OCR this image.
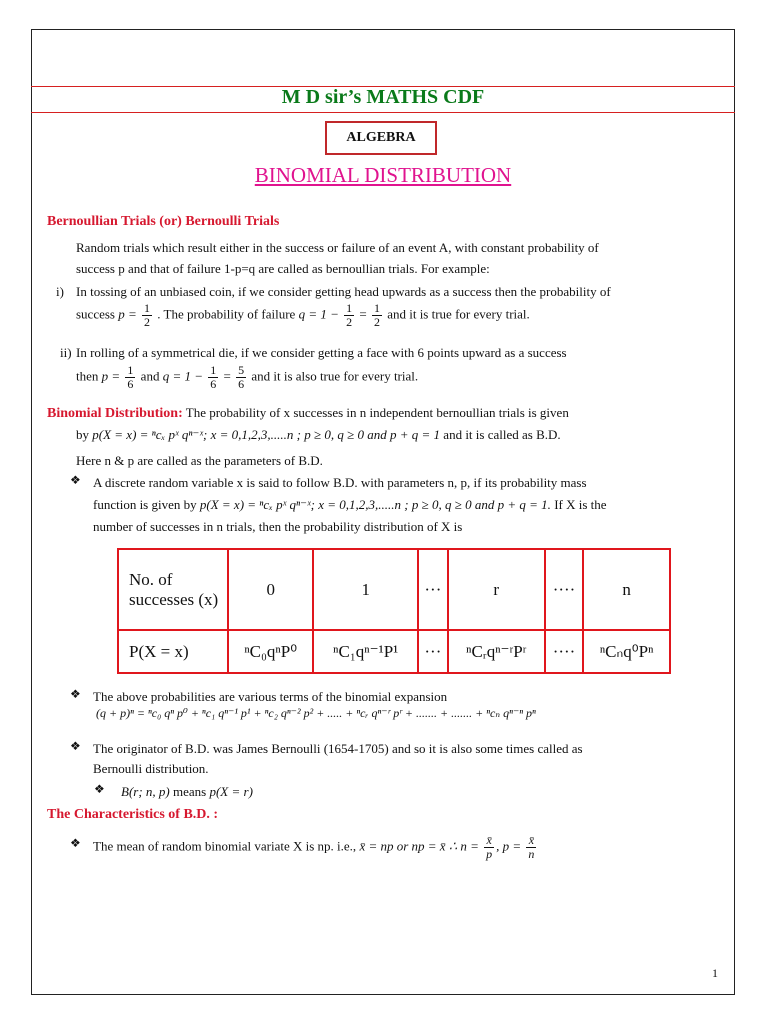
M D sir’s MATHS CDF
ALGEBRA
BINOMIAL DISTRIBUTION
Bernoullian Trials (or) Bernoulli Trials
Random trials which result either in the success or failure of an event A, with constant probability of
success p and that of failure 1-p=q are called as bernoullian trials. For example:
i) In tossing of an unbiased coin, if we consider getting head upwards as a success then the probability of
success $p = \frac{1}{2}$ . The probability of failure $q = 1 - \frac{1}{2} = \frac{1}{2}$ and it is true for every trial.
ii) In rolling of a symmetrical die, if we consider getting a face with 6 points upward as a success
then $p = \frac{1}{6}$ and $q = 1 - \frac{1}{6} = \frac{5}{6}$ and it is also true for every trial.
Binomial Distribution: The probability of x successes in n independent bernoullian trials is given
by p(X = x) = ⁿcₓ pˣ qⁿ⁻ˣ; x = 0,1,2,3,.....n ; p ≥ 0, q ≥ 0 and p + q = 1 and it is called as B.D.
Here n & p are called as the parameters of B.D.
❖ A discrete random variable x is said to follow B.D. with parameters n, p, if its probability mass
function is given by p(X = x) = ⁿcₓ pˣ qⁿ⁻ˣ; x = 0,1,2,3,.....n ; p ≥ 0, q ≥ 0 and p + q = 1. If X is the
number of successes in n trials, then the probability distribution of X is
No. of successes (x)	0	1	···	r	····	n
P(X = x)	ⁿC₀qⁿP⁰	ⁿC₁qⁿ⁻¹P¹	···	ⁿCᵣqⁿ⁻ʳPʳ	····	ⁿCₙq⁰Pⁿ
❖ The above probabilities are various terms of the binomial expansion
(q + p)ⁿ = ⁿc₀ qⁿ p⁰ + ⁿc₁ qⁿ⁻¹ p¹ + ⁿc₂ qⁿ⁻² p² + ..... + ⁿcᵣ qⁿ⁻ʳ pʳ + ....... + ....... + ⁿcₙ qⁿ⁻ⁿ pⁿ
❖ The originator of B.D. was James Bernoulli (1654-1705) and so it is also some times called as
Bernoulli distribution.
❖ B(r; n, p) means p(X = r)
The Characteristics of B.D. :
❖ The mean of random binomial variate X is np. i.e., x̄ = np or np = x̄ ∴ $n = \frac{x̄}{p}$ , $p = \frac{x̄}{n}$
1
